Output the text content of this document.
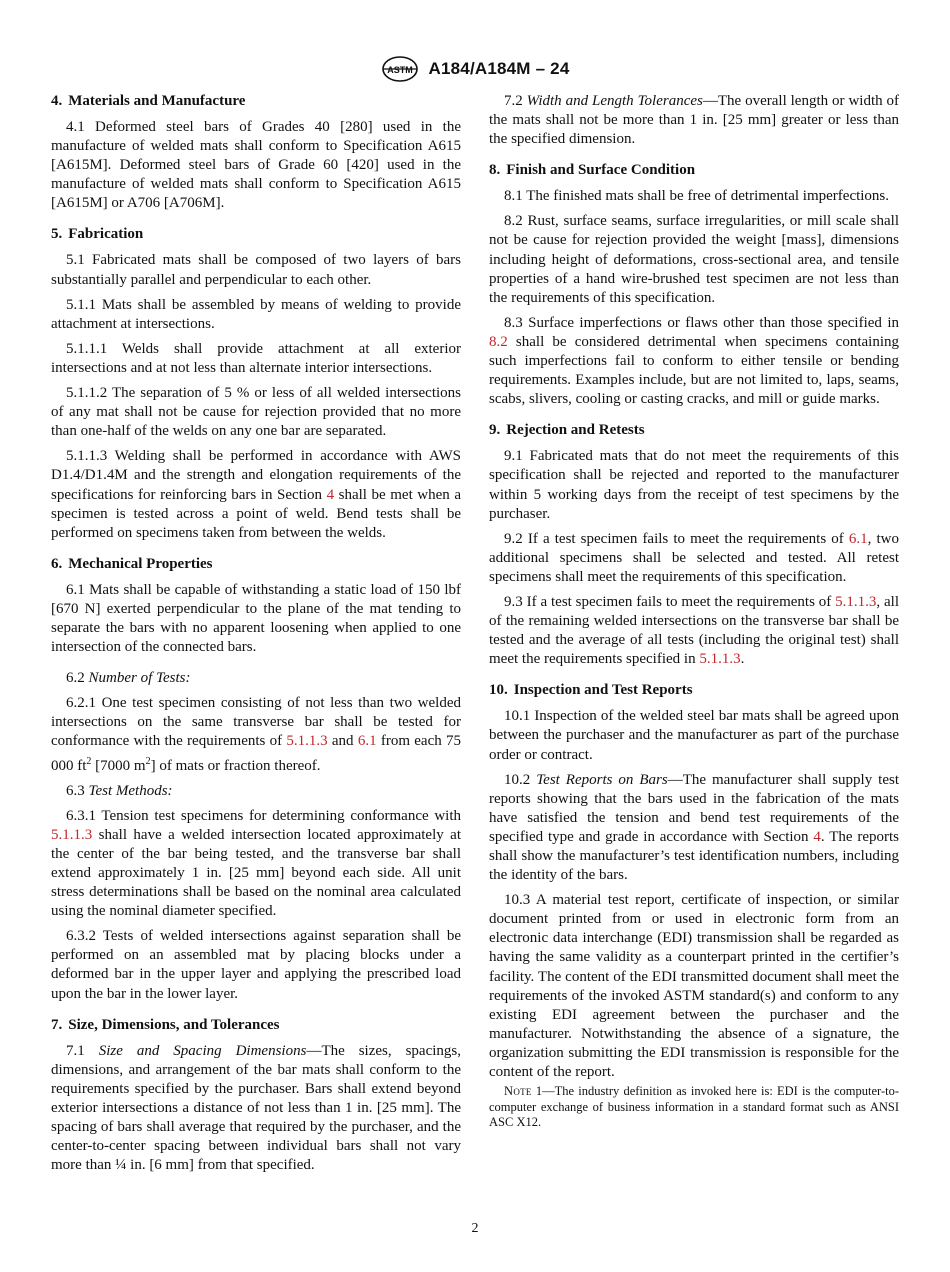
ASTM A184/A184M – 24
4. Materials and Manufacture

4.1 Deformed steel bars of Grades 40 [280] used in the manufacture of welded mats shall conform to Specification A615 [A615M]. Deformed steel bars of Grade 60 [420] used in the manufacture of welded mats shall conform to Specification A615 [A615M] or A706 [A706M].

5. Fabrication

5.1 Fabricated mats shall be composed of two layers of bars substantially parallel and perpendicular to each other.

5.1.1 Mats shall be assembled by means of welding to provide attachment at intersections.

5.1.1.1 Welds shall provide attachment at all exterior intersections and at not less than alternate interior intersections.

5.1.1.2 The separation of 5 % or less of all welded intersections of any mat shall not be cause for rejection provided that no more than one-half of the welds on any one bar are separated.

5.1.1.3 Welding shall be performed in accordance with AWS D1.4/D1.4M and the strength and elongation requirements of the specifications for reinforcing bars in Section 4 shall be met when a specimen is tested across a point of weld. Bend tests shall be performed on specimens taken from between the welds.

6. Mechanical Properties

6.1 Mats shall be capable of withstanding a static load of 150 lbf [670 N] exerted perpendicular to the plane of the mat tending to separate the bars with no apparent loosening when applied to one intersection of the connected bars.

6.2 Number of Tests:

6.2.1 One test specimen consisting of not less than two welded intersections on the same transverse bar shall be tested for conformance with the requirements of 5.1.1.3 and 6.1 from each 75 000 $ft^2$ [7000 $m^2$] of mats or fraction thereof.

6.3 Test Methods:

6.3.1 Tension test specimens for determining conformance with 5.1.1.3 shall have a welded intersection located approximately at the center of the bar being tested, and the transverse bar shall extend approximately 1 in. [25 mm] beyond each side. All unit stress determinations shall be based on the nominal area calculated using the nominal diameter specified.

6.3.2 Tests of welded intersections against separation shall be performed on an assembled mat by placing blocks under a deformed bar in the upper layer and applying the prescribed load upon the bar in the lower layer.

7. Size, Dimensions, and Tolerances

7.1 Size and Spacing Dimensions—The sizes, spacings, dimensions, and arrangement of the bar mats shall conform to the requirements specified by the purchaser. Bars shall extend beyond exterior intersections a distance of not less than 1 in. [25 mm]. The spacing of bars shall average that required by the purchaser, and the center-to-center spacing between individual bars shall not vary more than ¼ in. [6 mm] from that specified.

7.2 Width and Length Tolerances—The overall length or width of the mats shall not be more than 1 in. [25 mm] greater or less than the specified dimension.

8. Finish and Surface Condition

8.1 The finished mats shall be free of detrimental imperfections.

8.2 Rust, surface seams, surface irregularities, or mill scale shall not be cause for rejection provided the weight [mass], dimensions including height of deformations, cross-sectional area, and tensile properties of a hand wire-brushed test specimen are not less than the requirements of this specification.

8.3 Surface imperfections or flaws other than those specified in 8.2 shall be considered detrimental when specimens containing such imperfections fail to conform to either tensile or bending requirements. Examples include, but are not limited to, laps, seams, scabs, slivers, cooling or casting cracks, and mill or guide marks.

9. Rejection and Retests

9.1 Fabricated mats that do not meet the requirements of this specification shall be rejected and reported to the manufacturer within 5 working days from the receipt of test specimens by the purchaser.

9.2 If a test specimen fails to meet the requirements of 6.1, two additional specimens shall be selected and tested. All retest specimens shall meet the requirements of this specification.

9.3 If a test specimen fails to meet the requirements of 5.1.1.3, all of the remaining welded intersections on the transverse bar shall be tested and the average of all tests (including the original test) shall meet the requirements specified in 5.1.1.3.

10. Inspection and Test Reports

10.1 Inspection of the welded steel bar mats shall be agreed upon between the purchaser and the manufacturer as part of the purchase order or contract.

10.2 Test Reports on Bars—The manufacturer shall supply test reports showing that the bars used in the fabrication of the mats have satisfied the tension and bend test requirements of the specified type and grade in accordance with Section 4. The reports shall show the manufacturer’s test identification numbers, including the identity of the bars.

10.3 A material test report, certificate of inspection, or similar document printed from or used in electronic form from an electronic data interchange (EDI) transmission shall be regarded as having the same validity as a counterpart printed in the certifier’s facility. The content of the EDI transmitted document shall meet the requirements of the invoked ASTM standard(s) and conform to any existing EDI agreement between the purchaser and the manufacturer. Notwithstanding the absence of a signature, the organization submitting the EDI transmission is responsible for the content of the report.

Note 1—The industry definition as invoked here is: EDI is the computer-to-computer exchange of business information in a standard format such as ANSI ASC X12.

2
